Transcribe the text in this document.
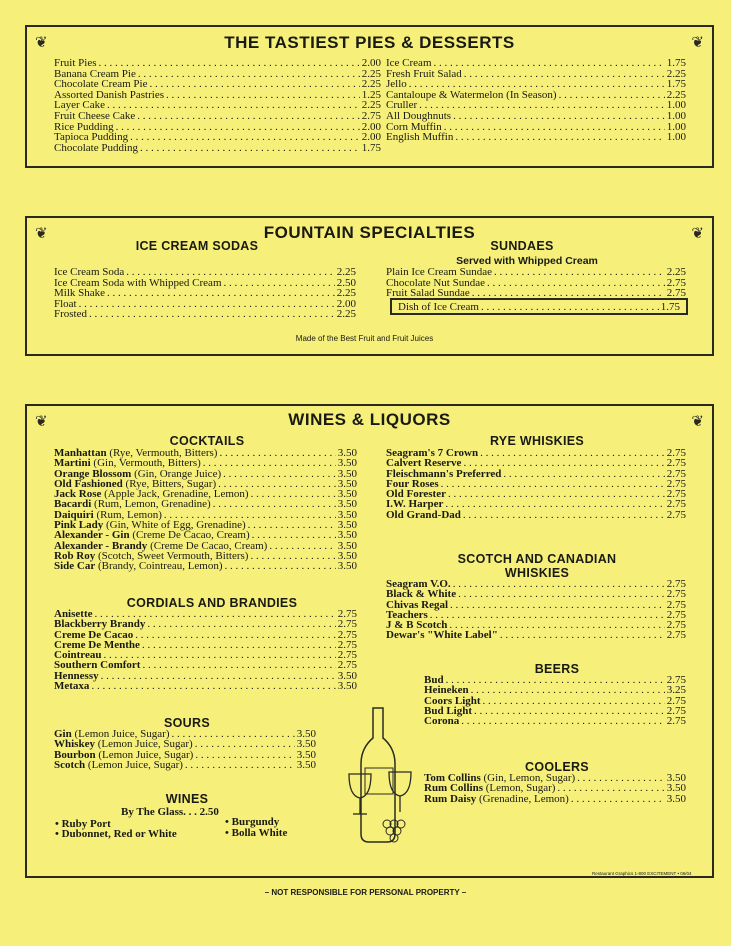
❦	❦
THE TASTIEST PIES & DESSERTS
Fruit Pies . . .	2.00
Banana Cream Pie . . .	2.25
Chocolate Cream Pie . . .	2.25
Assorted Danish Pastries . . .	1.25
Layer Cake . . .	2.25
Fruit Cheese Cake . . .	2.75
Rice Pudding . . .	2.00
Tapioca Pudding . . .	2.00
Chocolate Pudding . . .	1.75
Ice Cream . . .	1.75
Fresh Fruit Salad . . .	2.25
Jello . . .	1.75
Cantaloupe & Watermelon (In Season) . . .	2.25
Cruller . . .	1.00
All Doughnuts . . .	1.00
Corn Muffin . . .	1.00
English Muffin . . .	1.00
❦	❦
FOUNTAIN SPECIALTIES
ICE CREAM SODAS
Ice Cream Soda . . .	2.25
Ice Cream Soda with Whipped Cream . . .	2.50
Milk Shake . . .	2.25
Float . . .	2.00
Frosted . . .	2.25
SUNDAES
Served with Whipped Cream
Plain Ice Cream Sundae . . .	2.25
Chocolate Nut Sundae . . .	2.75
Fruit Salad Sundae . . .	2.75
Dish of Ice Cream . . .	1.75
Made of the Best Fruit and Fruit Juices
❦	❦
WINES & LIQUORS
COCKTAILS
Manhattan (Rye, Vermouth, Bitters) . . .	3.50
Martini (Gin, Vermouth, Bitters) . . .	3.50
Orange Blossom (Gin, Orange Juice) . . .	3.50
Old Fashioned (Rye, Bitters, Sugar) . . .	3.50
Jack Rose (Apple Jack, Grenadine, Lemon) . . .	3.50
Bacardi (Rum, Lemon, Grenadine) . . .	3.50
Daiquiri (Rum, Lemon) . . .	3.50
Pink Lady (Gin, White of Egg, Grenadine) . . .	3.50
Alexander - Gin (Creme De Cacao, Cream) . . .	3.50
Alexander - Brandy (Creme De Cacao, Cream) . . .	3.50
Rob Roy (Scotch, Sweet Vermouth, Bitters) . . .	3.50
Side Car (Brandy, Cointreau, Lemon) . . .	3.50
CORDIALS AND BRANDIES
Anisette . . .	2.75
Blackberry Brandy . . .	2.75
Creme De Cacao . . .	2.75
Creme De Menthe . . .	2.75
Cointreau . . .	2.75
Southern Comfort . . .	2.75
Hennessy . . .	3.50
Metaxa . . .	3.50
SOURS
Gin (Lemon Juice, Sugar) . . .	3.50
Whiskey (Lemon Juice, Sugar) . . .	3.50
Bourbon (Lemon Juice, Sugar) . . .	3.50
Scotch (Lemon Juice, Sugar) . . .	3.50
WINES
By The Glass. . . 2.50
• Ruby Port	• Burgundy
• Dubonnet, Red or White	• Bolla White
RYE WHISKIES
Seagram's 7 Crown . . .	2.75
Calvert Reserve . . .	2.75
Fleischmann's Preferred . . .	2.75
Four Roses . . .	2.75
Old Forester . . .	2.75
I.W. Harper . . .	2.75
Old Grand-Dad . . .	2.75
SCOTCH AND CANADIAN
WHISKIES
Seagram V.O. . . .	2.75
Black & White . . .	2.75
Chivas Regal . . .	2.75
Teachers . . .	2.75
J & B Scotch . . .	2.75
Dewar's "White Label" . . .	2.75
BEERS
Bud . . .	2.75
Heineken . . .	3.25
Coors Light . . .	2.75
Bud Light . . .	2.75
Corona . . .	2.75
COOLERS
Tom Collins (Gin, Lemon, Sugar) . . .	3.50
Rum Collins (Lemon, Sugar) . . .	3.50
Rum Daisy (Grenadine, Lemon) . . .	3.50
Restaurant Graphics 1-800 EXCITEMENT • 06/04
– NOT RESPONSIBLE FOR PERSONAL PROPERTY –
